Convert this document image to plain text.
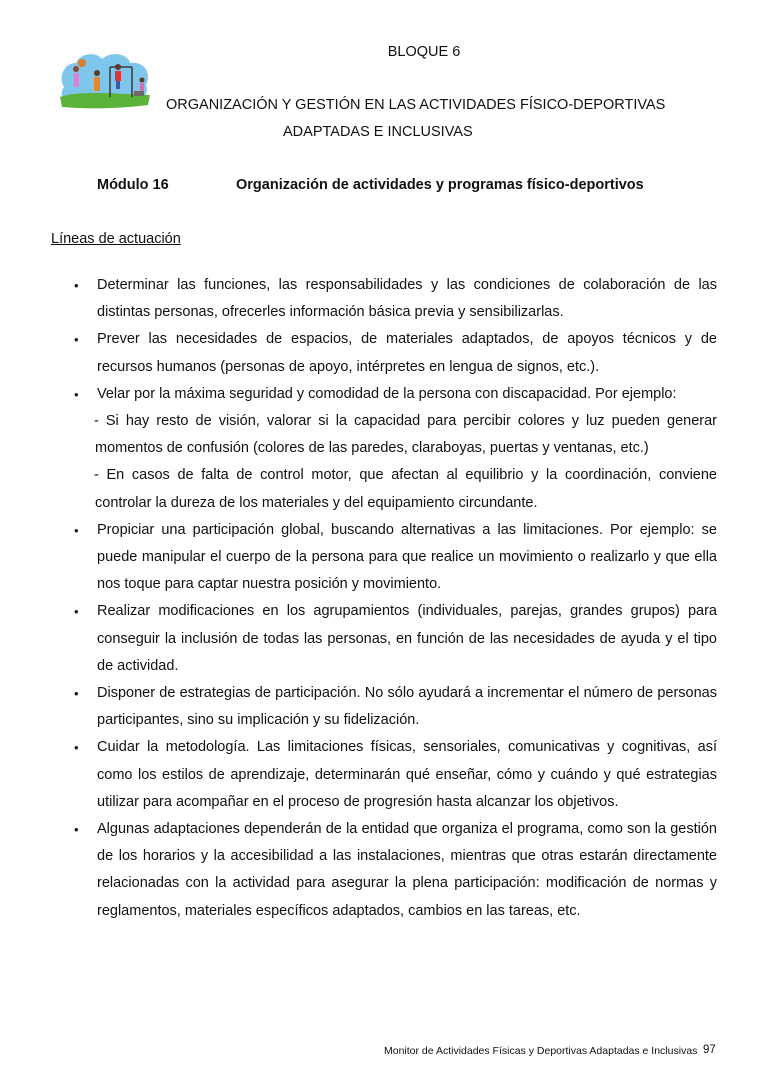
BLOQUE 6
ORGANIZACIÓN Y GESTIÓN EN LAS ACTIVIDADES FÍSICO-DEPORTIVAS
ADAPTADAS E INCLUSIVAS
Módulo 16	Organización de actividades y programas físico-deportivos
Líneas de actuación
• Determinar las funciones, las responsabilidades y las condiciones de colaboración de las distintas personas, ofrecerles información básica previa y sensibilizarlas.
• Prever las necesidades de espacios, de materiales adaptados, de apoyos técnicos y de recursos humanos (personas de apoyo, intérpretes en lengua de signos, etc.).
• Velar por la máxima seguridad y comodidad de la persona con discapacidad. Por ejemplo:
- Si hay resto de visión, valorar si la capacidad para percibir colores y luz pueden generar momentos de confusión (colores de las paredes, claraboyas, puertas y ventanas, etc.)
- En casos de falta de control motor, que afectan al equilibrio y la coordinación, conviene controlar la dureza de los materiales y del equipamiento circundante.
• Propiciar una participación global, buscando alternativas a las limitaciones. Por ejemplo: se puede manipular el cuerpo de la persona para que realice un movimiento o realizarlo y que ella nos toque para captar nuestra posición y movimiento.
• Realizar modificaciones en los agrupamientos (individuales, parejas, grandes grupos) para conseguir la inclusión de todas las personas, en función de las necesidades de ayuda y el tipo de actividad.
• Disponer de estrategias de participación. No sólo ayudará a incrementar el número de personas participantes, sino su implicación y su fidelización.
• Cuidar la metodología. Las limitaciones físicas, sensoriales, comunicativas y cognitivas, así como los estilos de aprendizaje, determinarán qué enseñar, cómo y cuándo y qué estrategias utilizar para acompañar en el proceso de progresión hasta alcanzar los objetivos.
• Algunas adaptaciones dependerán de la entidad que organiza el programa, como son la gestión de los horarios y la accesibilidad a las instalaciones, mientras que otras estarán directamente relacionadas con la actividad para asegurar la plena participación: modificación de normas y reglamentos, materiales específicos adaptados, cambios en las tareas, etc.
Monitor de Actividades Físicas y Deportivas Adaptadas e Inclusivas 97
